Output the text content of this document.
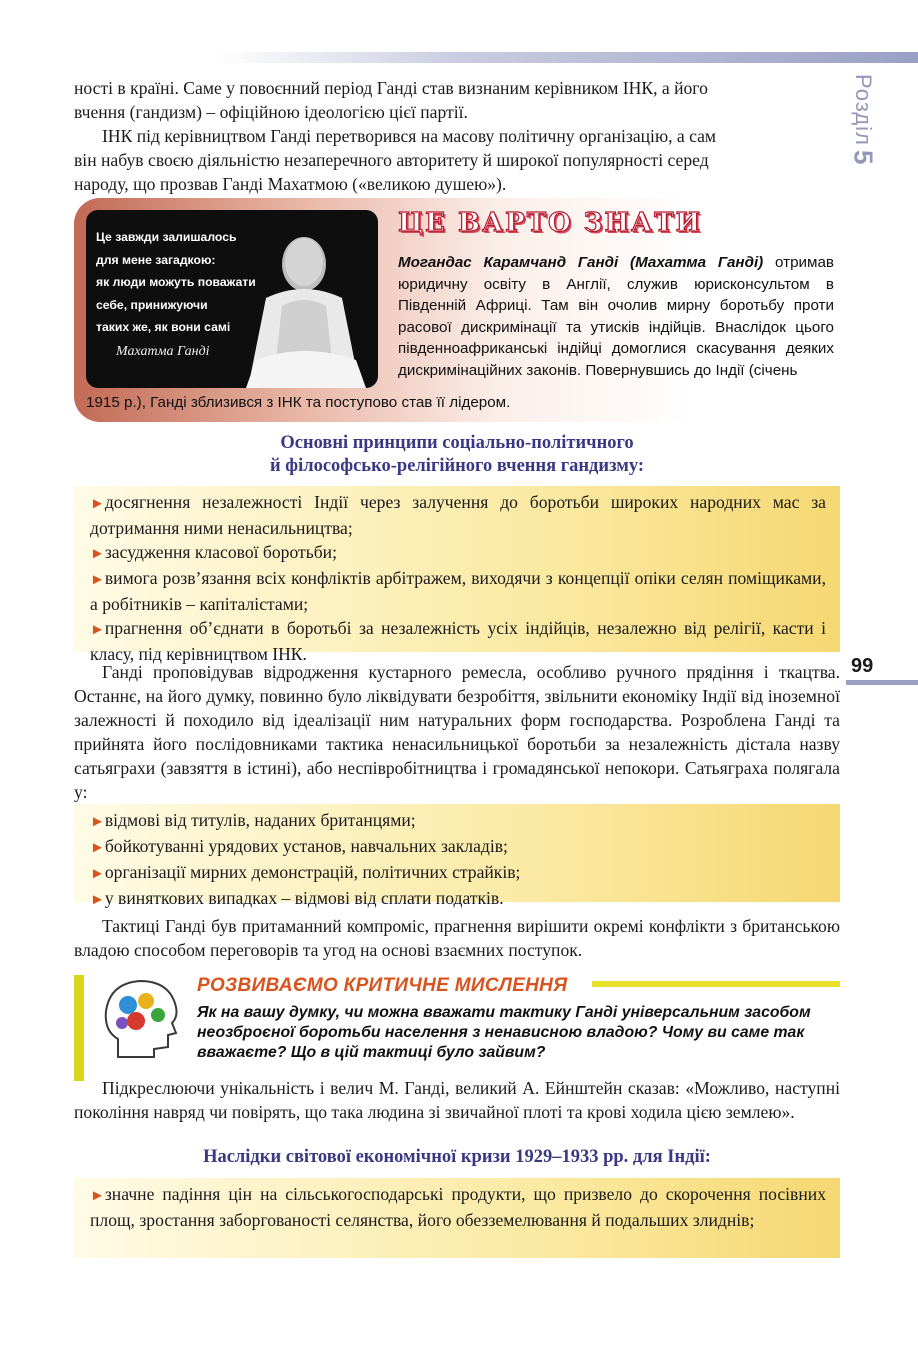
Розділ
5
99
ності в країні. Саме у повоєнний період Ганді став визнаним керівником ІНК, а його
вчення (гандизм) – офіційною ідеологією цієї партії.
ІНК під керівництвом Ганді перетворився на масову політичну організацію, а сам
він набув своєю діяльністю незаперечного авторитету й широкої популярності серед
народу, що прозвав Ганді Махатмою («великою душею»).
Це завжди залишалось
для мене загадкою:
як люди можуть поважати
себе, принижуючи
таких же, як вони самі
Махатма Ганді
ЦЕ ВАРТО ЗНАТИ
Могандас Карамчанд Ганді (Махатма Ганді) отримав юридичну освіту в Англії, служив юрисконсультом в Південній Африці. Там він очолив мирну боротьбу проти расової дискримінації та утисків індійців. Внаслідок цього південноафриканські індійці домоглися скасування деяких дискримінаційних законів. Повернувшись до Індії (січень
1915 р.), Ганді зблизився з ІНК та поступово став її лідером.
Основні принципи соціально-політичного
й філософсько-релігійного вчення гандизму:
►досягнення незалежності Індії через залучення до боротьби широких народних мас за дотримання ними ненасильництва;
►засудження класової боротьби;
►вимога розв’язання всіх конфліктів арбітражем, виходячи з концепції опіки селян поміщиками, а робітників – капіталістами;
►прагнення об’єднати в боротьбі за незалежність усіх індійців, незалежно від релігії, касти і класу, під керівництвом ІНК.
Ганді проповідував відродження кустарного ремесла, особливо ручного прядіння і ткацтва. Останнє, на його думку, повинно було ліквідувати безробіття, звільнити економіку Індії від іноземної залежності й походило від ідеалізації ним натуральних форм господарства. Розроблена Ганді та прийнята його послідовниками тактика ненасильницької боротьби за незалежність дістала назву сатьяграхи (завзяття в істині), або неспівробітництва і громадянської непокори. Сатьяграха полягала у:
►відмові від титулів, наданих британцями;
►бойкотуванні урядових установ, навчальних закладів;
►організації мирних демонстрацій, політичних страйків;
►у виняткових випадках – відмові від сплати податків.
Тактиці Ганді був притаманний компроміс, прагнення вирішити окремі конфлікти з британською владою способом переговорів та угод на основі взаємних поступок.
РОЗВИВАЄМО КРИТИЧНЕ МИСЛЕННЯ
Як на вашу думку, чи можна вважати тактику Ганді універсальним засобом неозброєної боротьби населення з ненависною владою? Чому ви саме так вважаєте? Що в цій тактиці було зайвим?
Підкреслюючи унікальність і велич М. Ганді, великий А. Ейнштейн сказав: «Можливо, наступні покоління навряд чи повірять, що така людина зі звичайної плоті та крові ходила цією землею».
Наслідки світової економічної кризи 1929–1933 рр. для Індії:
►значне падіння цін на сільськогосподарські продукти, що призвело до скорочення посівних площ, зростання заборгованості селянства, його обезземелювання й подальших злиднів;
